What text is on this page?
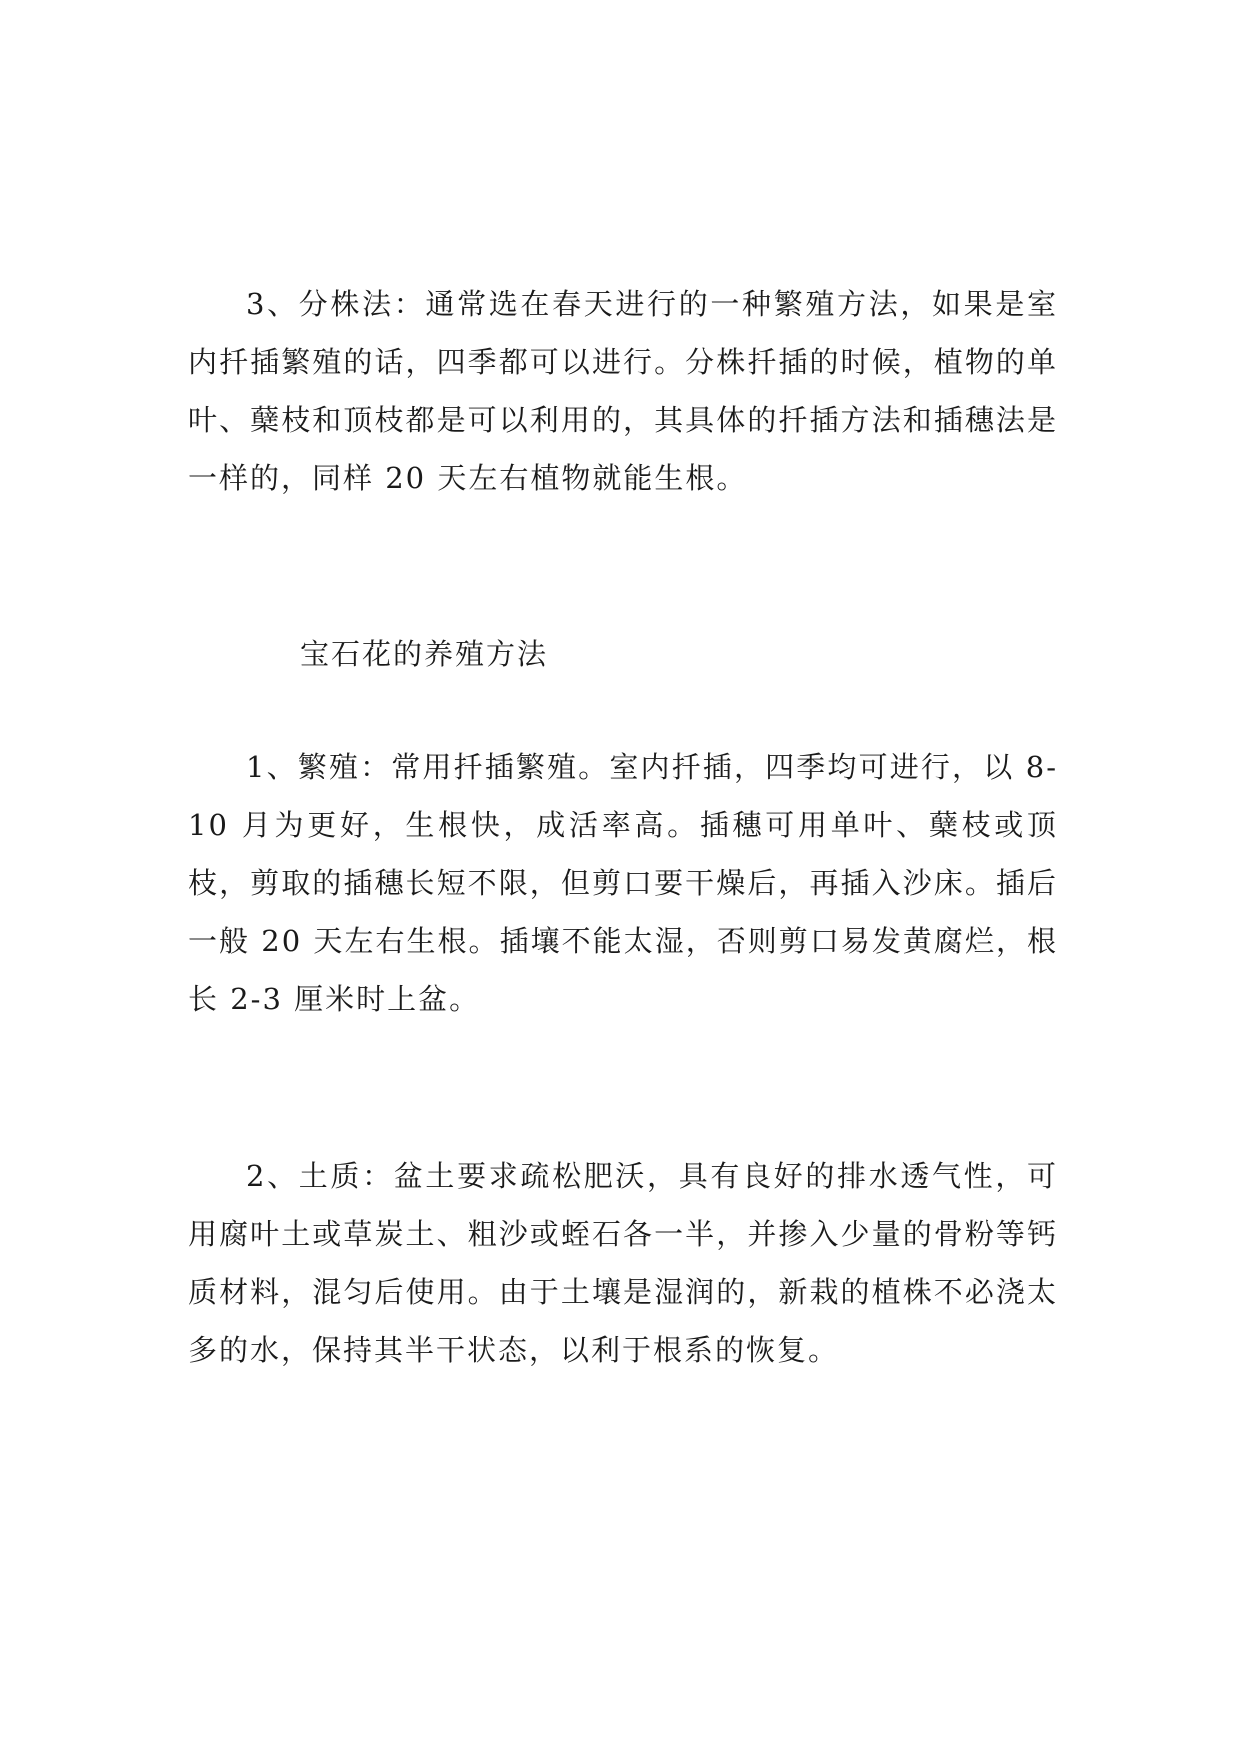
3、分株法：通常选在春天进行的一种繁殖方法，如果是室内扦插繁殖的话，四季都可以进行。分株扦插的时候，植物的单叶、蘖枝和顶枝都是可以利用的，其具体的扦插方法和插穗法是一样的，同样 20 天左右植物就能生根。

宝石花的养殖方法

1、繁殖：常用扦插繁殖。室内扦插，四季均可进行，以 8-10 月为更好，生根快，成活率高。插穗可用单叶、蘖枝或顶枝，剪取的插穗长短不限，但剪口要干燥后，再插入沙床。插后一般 20 天左右生根。插壤不能太湿，否则剪口易发黄腐烂，根长 2-3 厘米时上盆。

2、土质：盆土要求疏松肥沃，具有良好的排水透气性，可用腐叶土或草炭土、粗沙或蛭石各一半，并掺入少量的骨粉等钙质材料，混匀后使用。由于土壤是湿润的，新栽的植株不必浇太多的水，保持其半干状态，以利于根系的恢复。
